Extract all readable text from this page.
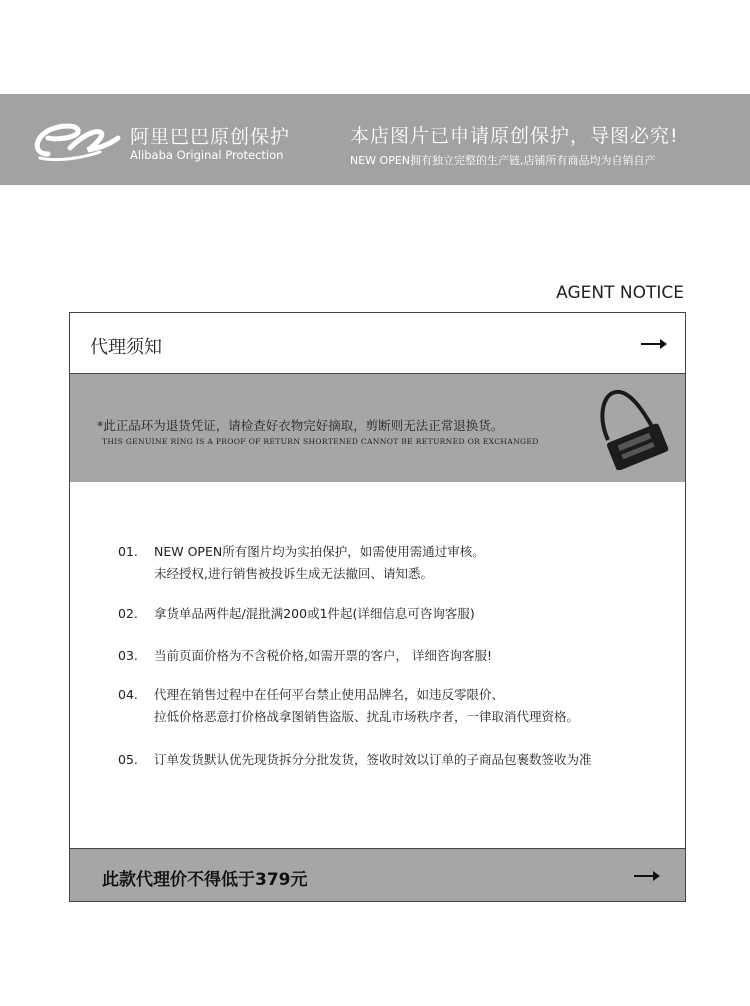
阿里巴巴原创保护
Alibaba Original Protection
本店图片已申请原创保护，导图必究!
NEW OPEN拥有独立完整的生产链,店铺所有商品均为自销自产
AGENT NOTICE
代理须知
*此正品环为退货凭证，请检查好衣物完好摘取，剪断则无法正常退换货。
THIS GENUINE RING IS A PROOF OF RETURN SHORTENED CANNOT BE RETURNED OR EXCHANGED
01.	NEW OPEN所有图片均为实拍保护，如需使用需通过审核。
未经授权,进行销售被投诉生成无法撤回、请知悉。
02.	拿货单品两件起/混批满200或1件起(详细信息可咨询客服)
03.	当前页面价格为不含税价格,如需开票的客户， 详细咨询客服!
04.	代理在销售过程中在任何平台禁止使用品牌名，如违反零限价、
拉低价格恶意打价格战拿图销售盗版、扰乱市场秩序者，一律取消代理资格。
05.	订单发货默认优先现货拆分分批发货，签收时效以订单的子商品包裹数签收为准
此款代理价不得低于379元
